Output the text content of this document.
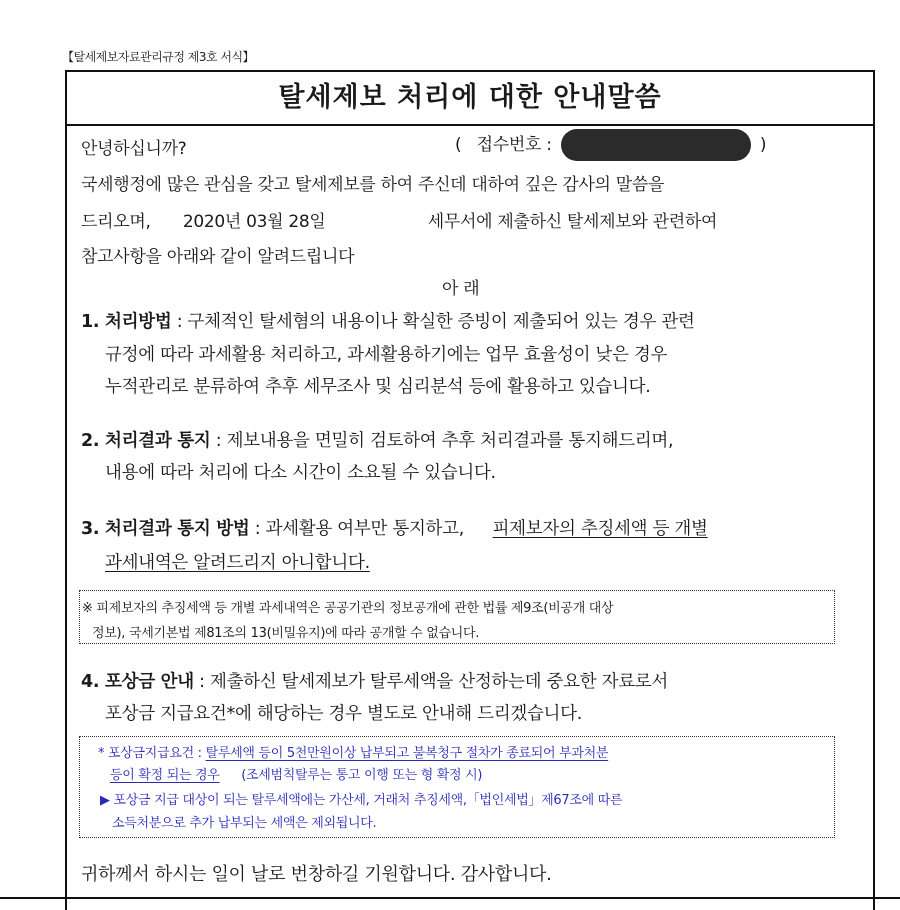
【탈세제보자료관리규정 제3호 서식】
탈세제보 처리에 대한 안내말씀
안녕하십니까?	( 접수번호 :	)
국세행정에 많은 관심을 갖고 탈세제보를 하여 주신데 대하여 깊은 감사의 말씀을
드리오며, 2020년 03월 28일	세무서에 제출하신 탈세제보와 관련하여
참고사항을 아래와 같이 알려드립니다
아 래
1. 처리방법 : 구체적인 탈세혐의 내용이나 확실한 증빙이 제출되어 있는 경우 관련
규정에 따라 과세활용 처리하고, 과세활용하기에는 업무 효율성이 낮은 경우
누적관리로 분류하여 추후 세무조사 및 심리분석 등에 활용하고 있습니다.
2. 처리결과 통지 : 제보내용을 면밀히 검토하여 추후 처리결과를 통지해드리며,
내용에 따라 처리에 다소 시간이 소요될 수 있습니다.
3. 처리결과 통지 방법 : 과세활용 여부만 통지하고, 피제보자의 추징세액 등 개별
과세내역은 알려드리지 아니합니다.
※ 피제보자의 추징세액 등 개별 과세내역은 공공기관의 정보공개에 관한 법률 제9조(비공개 대상
정보), 국세기본법 제81조의 13(비밀유지)에 따라 공개할 수 없습니다.
4. 포상금 안내 : 제출하신 탈세제보가 탈루세액을 산정하는데 중요한 자료로서
포상금 지급요건*에 해당하는 경우 별도로 안내해 드리겠습니다.
* 포상금지급요건 : 탈루세액 등이 5천만원이상 납부되고 불복청구 절차가 종료되어 부과처분
등이 확정 되는 경우 (조세범칙탈루는 통고 이행 또는 형 확정 시)
▶ 포상금 지급 대상이 되는 탈루세액에는 가산세, 거래처 추징세액,「법인세법」제67조에 따른
소득처분으로 추가 납부되는 세액은 제외됩니다.
귀하께서 하시는 일이 날로 번창하길 기원합니다. 감사합니다.
